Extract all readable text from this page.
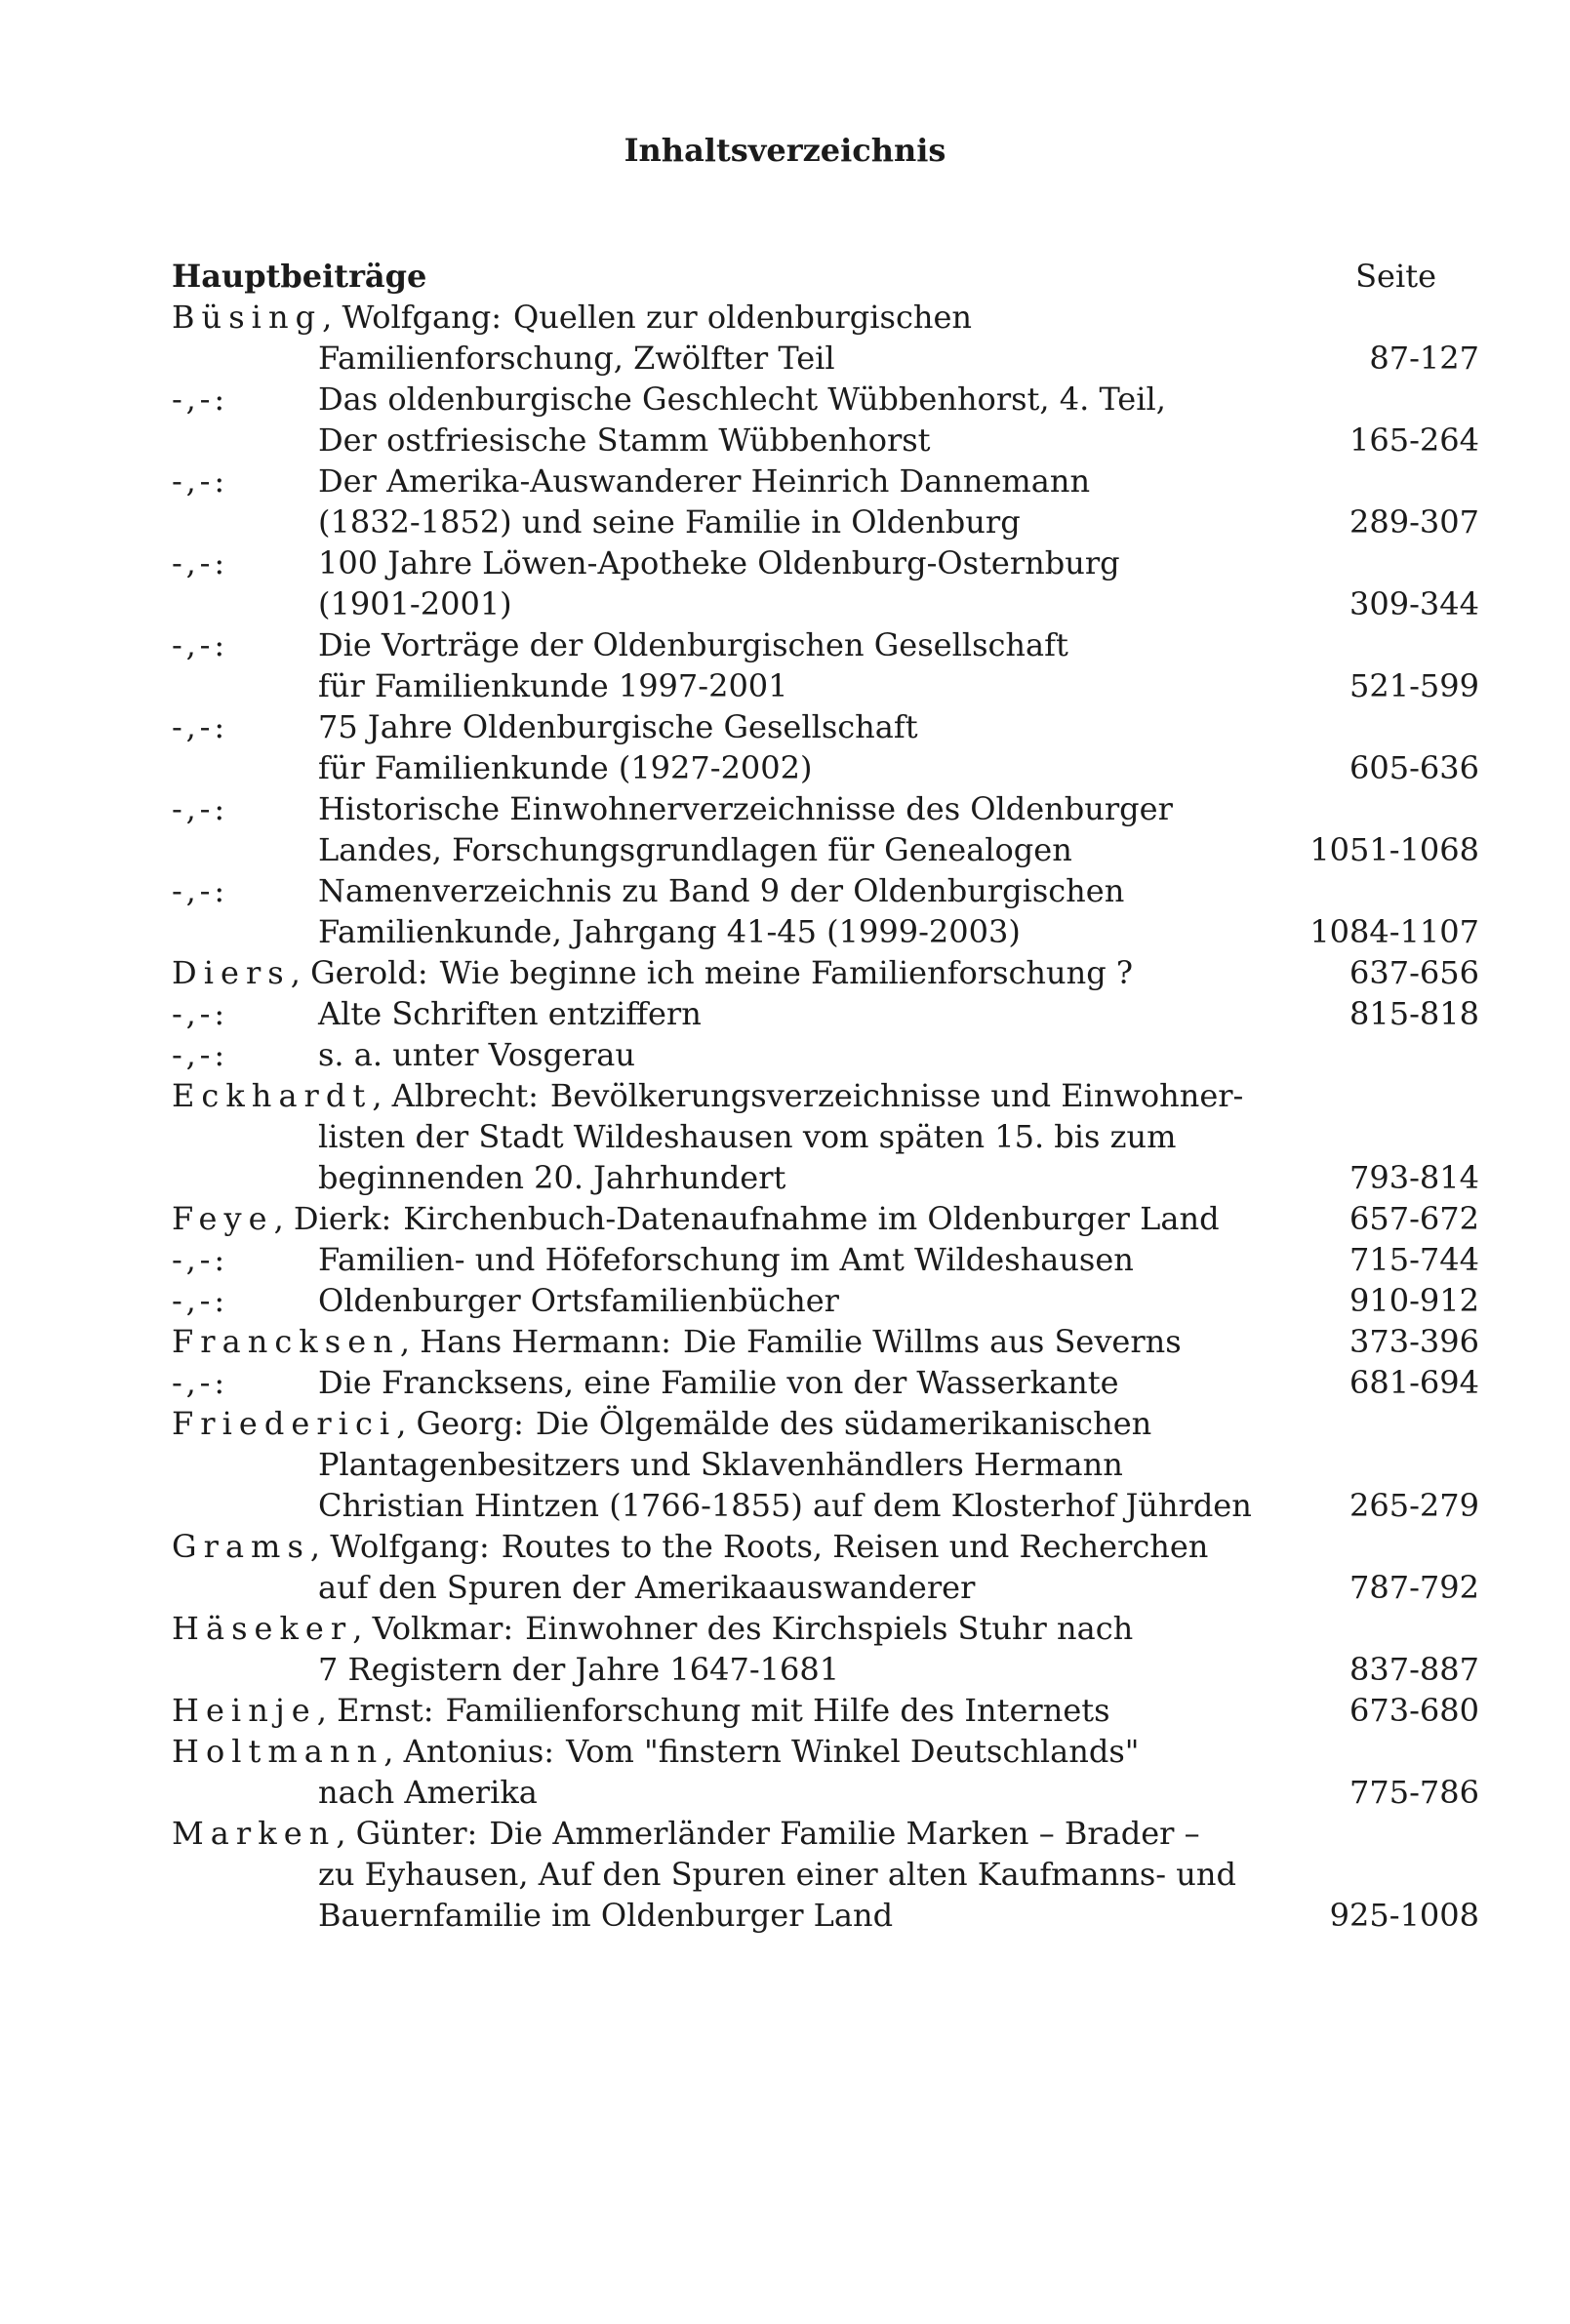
Inhaltsverzeichnis
Hauptbeiträge	Seite
Büsing, Wolfgang: Quellen zur oldenburgischen
Familienforschung, Zwölfter Teil	87-127
-,-:	Das oldenburgische Geschlecht Wübbenhorst, 4. Teil,
Der ostfriesische Stamm Wübbenhorst	165-264
-,-:	Der Amerika-Auswanderer Heinrich Dannemann
(1832-1852) und seine Familie in Oldenburg	289-307
-,-:	100 Jahre Löwen-Apotheke Oldenburg-Osternburg
(1901-2001)	309-344
-,-:	Die Vorträge der Oldenburgischen Gesellschaft
für Familienkunde 1997-2001	521-599
-,-:	75 Jahre Oldenburgische Gesellschaft
für Familienkunde (1927-2002)	605-636
-,-:	Historische Einwohnerverzeichnisse des Oldenburger
Landes, Forschungsgrundlagen für Genealogen	1051-1068
-,-:	Namenverzeichnis zu Band 9 der Oldenburgischen
Familienkunde, Jahrgang 41-45 (1999-2003)	1084-1107
Diers, Gerold: Wie beginne ich meine Familienforschung ?	637-656
-,-:	Alte Schriften entziffern	815-818
-,-:	s. a. unter Vosgerau
Eckhardt, Albrecht: Bevölkerungsverzeichnisse und Einwohner-
listen der Stadt Wildeshausen vom späten 15. bis zum
beginnenden 20. Jahrhundert	793-814
Feye, Dierk: Kirchenbuch-Datenaufnahme im Oldenburger Land	657-672
-,-:	Familien- und Höfeforschung im Amt Wildeshausen	715-744
-,-:	Oldenburger Ortsfamilienbücher	910-912
Francksen, Hans Hermann: Die Familie Willms aus Severns	373-396
-,-:	Die Francksens, eine Familie von der Wasserkante	681-694
Friederici, Georg: Die Ölgemälde des südamerikanischen
Plantagenbesitzers und Sklavenhändlers Hermann
Christian Hintzen (1766-1855) auf dem Klosterhof Jührden	265-279
Grams, Wolfgang: Routes to the Roots, Reisen und Recherchen
auf den Spuren der Amerikaauswanderer	787-792
Häseker, Volkmar: Einwohner des Kirchspiels Stuhr nach
7 Registern der Jahre 1647-1681	837-887
Heinje, Ernst: Familienforschung mit Hilfe des Internets	673-680
Holtmann, Antonius: Vom "finstern Winkel Deutschlands"
nach Amerika	775-786
Marken, Günter: Die Ammerländer Familie Marken – Brader –
zu Eyhausen, Auf den Spuren einer alten Kaufmanns- und
Bauernfamilie im Oldenburger Land	925-1008
